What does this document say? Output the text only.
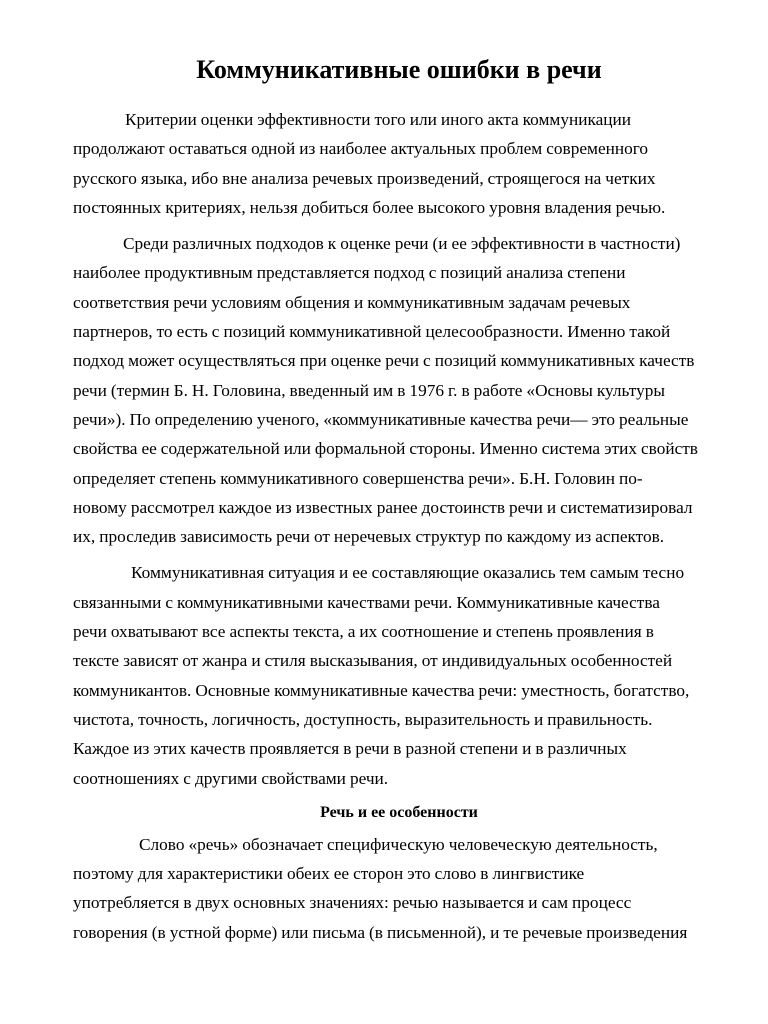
Коммуникативные ошибки в речи

Критерии оценки эффективности того или иного акта коммуникации
продолжают оставаться одной из наиболее актуальных проблем современного
русского языка, ибо вне анализа речевых произведений, строящегося на четких
постоянных критериях, нельзя добиться более высокого уровня владения речью.

Среди различных подходов к оценке речи (и ее эффективности в частности)
наиболее продуктивным представляется подход с позиций анализа степени
соответствия речи условиям общения и коммуникативным задачам речевых
партнеров, то есть с позиций коммуникативной целесообразности. Именно такой
подход может осуществляться при оценке речи с позиций коммуникативных качеств
речи (термин Б. Н. Головина, введенный им в 1976 г. в работе «Основы культуры
речи»). По определению ученого, «коммуникативные качества речи— это реальные
свойства ее содержательной или формальной стороны. Именно система этих свойств
определяет степень коммуникативного совершенства речи». Б.Н. Головин по-
новому рассмотрел каждое из известных ранее достоинств речи и систематизировал
их, проследив зависимость речи от неречевых структур по каждому из аспектов.

Коммуникативная ситуация и ее составляющие оказались тем самым тесно
связанными с коммуникативными качествами речи. Коммуникативные качества
речи охватывают все аспекты текста, а их соотношение и степень проявления в
тексте зависят от жанра и стиля высказывания, от индивидуальных особенностей
коммуникантов. Основные коммуникативные качества речи: уместность, богатство,
чистота, точность, логичность, доступность, выразительность и правильность.
Каждое из этих качеств проявляется в речи в разной степени и в различных
соотношениях с другими свойствами речи.

Речь и ее особенности

Слово «речь» обозначает специфическую человеческую деятельность,
поэтому для характеристики обеих ее сторон это слово в лингвистике
употребляется в двух основных значениях: речью называется и сам процесс
говорения (в устной форме) или письма (в письменной), и те речевые произведения
